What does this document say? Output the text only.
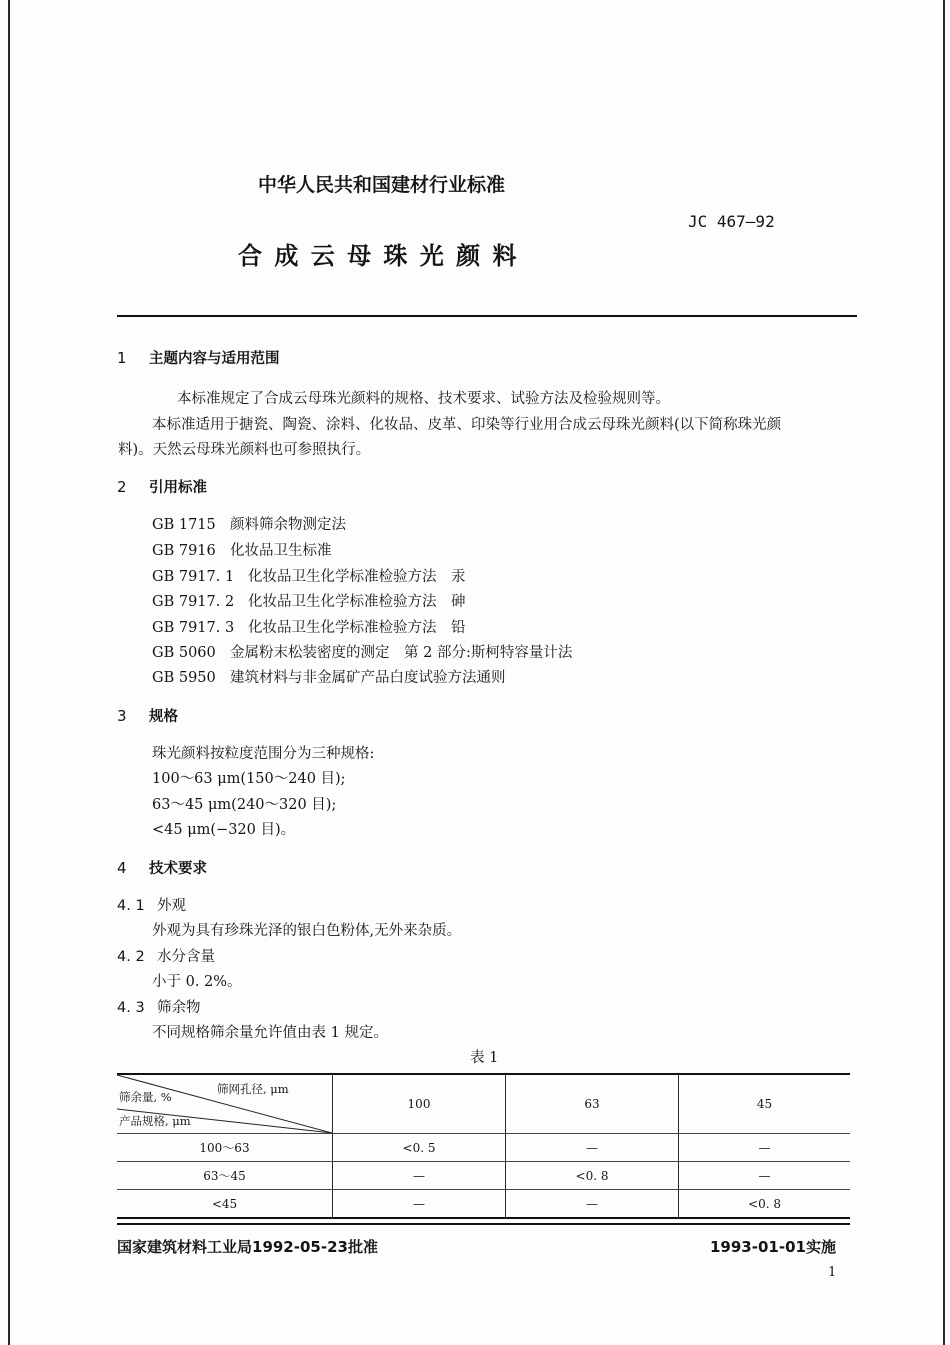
中华人民共和国建材行业标准
JC 467—92
合 成 云 母 珠 光 颜 料
1 主题内容与适用范围
本标准规定了合成云母珠光颜料的规格、技术要求、试验方法及检验规则等。
本标准适用于搪瓷、陶瓷、涂料、化妆品、皮革、印染等行业用合成云母珠光颜料(以下简称珠光颜
料)。天然云母珠光颜料也可参照执行。
2 引用标准
GB 1715 颜料筛余物测定法
GB 7916 化妆品卫生标准
GB 7917. 1 化妆品卫生化学标准检验方法　汞
GB 7917. 2 化妆品卫生化学标准检验方法　砷
GB 7917. 3 化妆品卫生化学标准检验方法　铅
GB 5060 金属粉末松装密度的测定　第 2 部分:斯柯特容量计法
GB 5950 建筑材料与非金属矿产品白度试验方法通则
3 规格
珠光颜料按粒度范围分为三种规格:
100～63 μm(150～240 目);
63～45 μm(240～320 目);
<45 μm(−320 目)。
4 技术要求
4. 1 外观
外观为具有珍珠光泽的银白色粉体,无外来杂质。
4. 2 水分含量
小于 0. 2%。
4. 3 筛余物
不同规格筛余量允许值由表 1 规定。
表 1
筛网孔径, μm
筛余量, %
产品规格, μm	100	63	45
100～63	<0. 5	—	—
63～45	—	<0. 8	—
<45	—	—	<0. 8
国家建筑材料工业局1992-05-23批准	1993-01-01实施
1
